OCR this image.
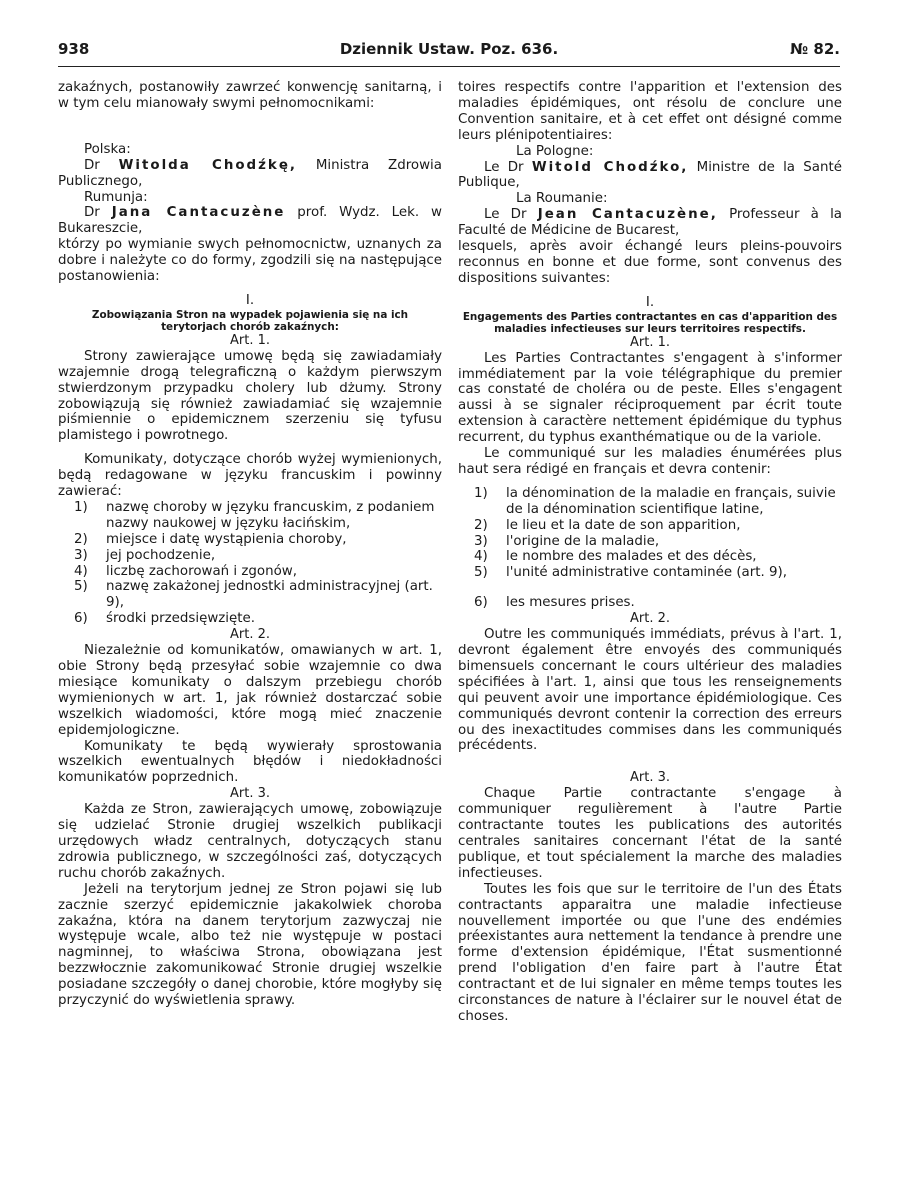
938	Dziennik Ustaw. Poz. 636.	№ 82.

zakaźnych, postanowiły zawrzeć konwencję sanitarną, i w tym celu mianowały swymi pełnomocnikami:

Polska:

Dr Witolda Chodźkę, Ministra Zdrowia Publicznego,

Rumunja:

Dr Jana Cantacuzène prof. Wydz. Lek. w Bukareszcie,

którzy po wymianie swych pełnomocnictw, uznanych za dobre i należyte co do formy, zgodzili się na następujące postanowienia:

I.

Zobowiązania Stron na wypadek pojawienia się na ich terytorjach chorób zakaźnych:

Art. 1.

Strony zawierające umowę będą się zawiadamiały wzajemnie drogą telegraficzną o każdym pierwszym stwierdzonym przypadku cholery lub dżumy. Strony zobowiązują się również zawiadamiać się wzajemnie piśmiennie o epidemicznem szerzeniu się tyfusu plamistego i powrotnego.

Komunikaty, dotyczące chorób wyżej wymienionych, będą redagowane w języku francuskim i powinny zawierać:

1) nazwę choroby w języku francuskim, z podaniem nazwy naukowej w języku łacińskim,
2) miejsce i datę wystąpienia choroby,
3) jej pochodzenie,
4) liczbę zachorowań i zgonów,
5) nazwę zakażonej jednostki administracyjnej (art. 9),
6) środki przedsięwzięte.

Art. 2.

Niezależnie od komunikatów, omawianych w art. 1, obie Strony będą przesyłać sobie wzajemnie co dwa miesiące komunikaty o dalszym przebiegu chorób wymienionych w art. 1, jak również dostarczać sobie wszelkich wiadomości, które mogą mieć znaczenie epidemjologiczne.

Komunikaty te będą wywierały sprostowania wszelkich ewentualnych błędów i niedokładności komunikatów poprzednich.

Art. 3.

Każda ze Stron, zawierających umowę, zobowiązuje się udzielać Stronie drugiej wszelkich publikacji urzędowych władz centralnych, dotyczących stanu zdrowia publicznego, w szczególności zaś, dotyczących ruchu chorób zakaźnych.

Jeżeli na terytorjum jednej ze Stron pojawi się lub zacznie szerzyć epidemicznie jakakolwiek choroba zakaźna, która na danem terytorjum zazwyczaj nie występuje wcale, albo też nie występuje w postaci nagminnej, to właściwa Strona, obowiązana jest bezzwłocznie zakomunikować Stronie drugiej wszelkie posiadane szczegóły o danej chorobie, które mogłyby się przyczynić do wyświetlenia sprawy.

toires respectifs contre l'apparition et l'extension des maladies épidémiques, ont résolu de conclure une Convention sanitaire, et à cet effet ont désigné comme leurs plénipotentiaires:

La Pologne:

Le Dr Witold Chodźko, Ministre de la Santé Publique,

La Roumanie:

Le Dr Jean Cantacuzène, Professeur à la Faculté de Médicine de Bucarest,

lesquels, après avoir échangé leurs pleins-pouvoirs reconnus en bonne et due forme, sont convenus des dispositions suivantes:

I.

Engagements des Parties contractantes en cas d'apparition des maladies infectieuses sur leurs territoires respectifs.

Art. 1.

Les Parties Contractantes s'engagent à s'informer immédiatement par la voie télégraphique du premier cas constaté de choléra ou de peste. Elles s'engagent aussi à se signaler réciproquement par écrit toute extension à caractère nettement épidémique du typhus recurrent, du typhus exanthématique ou de la variole.

Le communiqué sur les maladies énumérées plus haut sera rédigé en français et devra contenir:

1) la dénomination de la maladie en français, suivie de la dénomination scientifique latine,
2) le lieu et la date de son apparition,
3) l'origine de la maladie,
4) le nombre des malades et des décès,
5) l'unité administrative contaminée (art. 9),
6) les mesures prises.

Art. 2.

Outre les communiqués immédiats, prévus à l'art. 1, devront également être envoyés des communiqués bimensuels concernant le cours ultérieur des maladies spécifiées à l'art. 1, ainsi que tous les renseignements qui peuvent avoir une importance épidémiologique. Ces communiqués devront contenir la correction des erreurs ou des inexactitudes commises dans les communiqués précédents.

Art. 3.

Chaque Partie contractante s'engage à communiquer regulièrement à l'autre Partie contractante toutes les publications des autorités centrales sanitaires concernant l'état de la santé publique, et tout spécialement la marche des maladies infectieuses.

Toutes les fois que sur le territoire de l'un des États contractants apparaitra une maladie infectieuse nouvellement importée ou que l'une des endémies préexistantes aura nettement la tendance à prendre une forme d'extension épidémique, l'État susmentionné prend l'obligation d'en faire part à l'autre État contractant et de lui signaler en même temps toutes les circonstances de nature à l'éclairer sur le nouvel état de choses.
